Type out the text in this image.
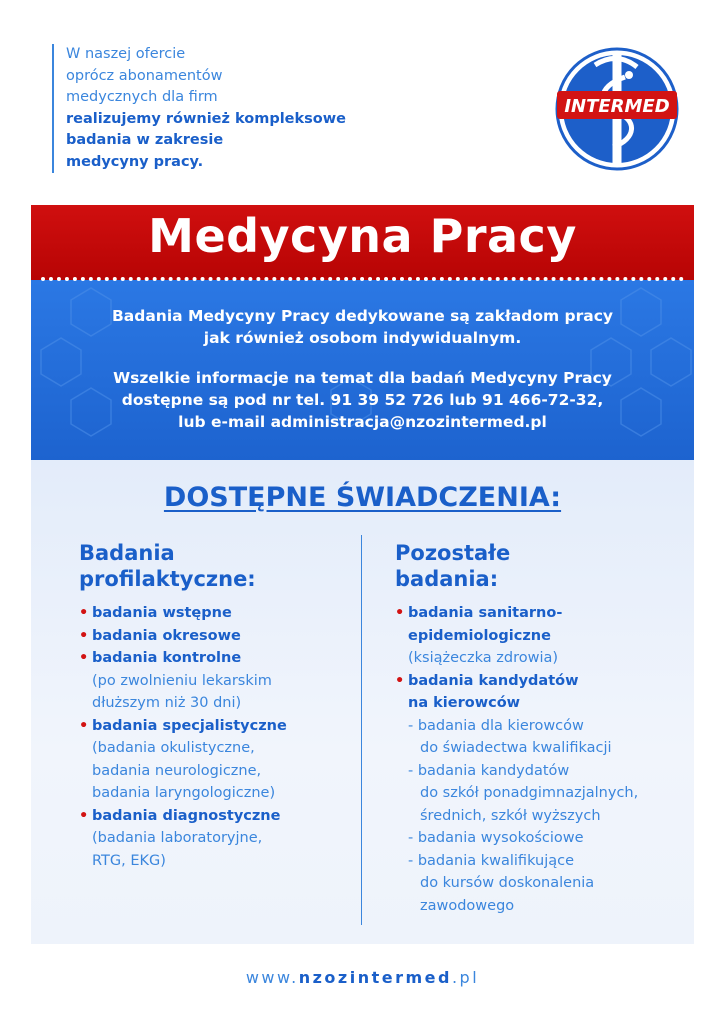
W naszej ofercie
oprócz abonamentów
medycznych dla firm
realizujemy również kompleksowe
badania w zakresie
medycyny pracy.
INTERMED
Medycyna Pracy
Badania Medycyny Pracy dedykowane są zakładom pracy
jak również osobom indywidualnym.
Wszelkie informacje na temat dla badań Medycyny Pracy
dostępne są pod nr tel. 91 39 52 726 lub 91 466-72-32,
lub e-mail administracja@nzozintermed.pl
DOSTĘPNE ŚWIADCZENIA:
Badania
profilaktyczne:
• badania wstępne
• badania okresowe
• badania kontrolne
(po zwolnieniu lekarskim
dłuższym niż 30 dni)
• badania specjalistyczne
(badania okulistyczne,
badania neurologiczne,
badania laryngologiczne)
• badania diagnostyczne
(badania laboratoryjne,
RTG, EKG)
Pozostałe
badania:
• badania sanitarno-
epidemiologiczne
(książeczka zdrowia)
• badania kandydatów
na kierowców
- badania dla kierowców
do świadectwa kwalifikacji
- badania kandydatów
do szkół ponadgimnazjalnych,
średnich, szkół wyższych
- badania wysokościowe
- badania kwalifikujące
do kursów doskonalenia
zawodowego
www.nzozintermed.pl
